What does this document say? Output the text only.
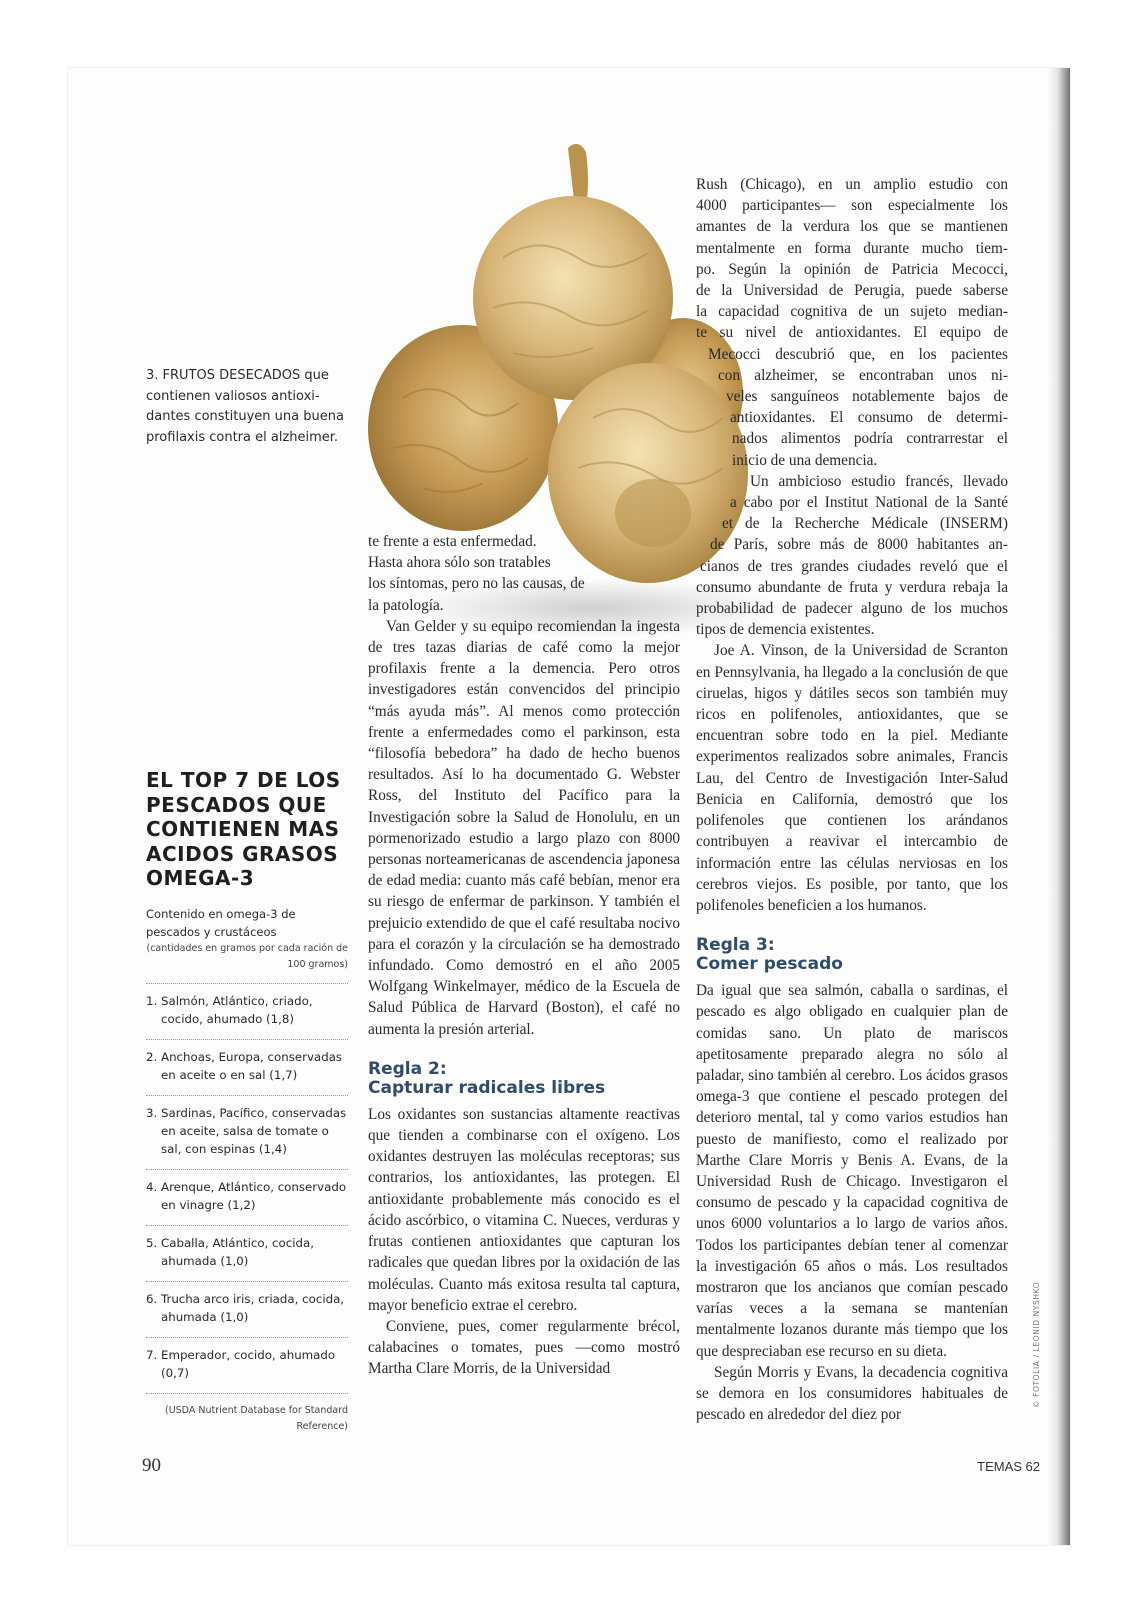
3. FRUTOS DESECADOS que contienen valiosos antioxi- dantes constituyen una buena profilaxis contra el alzheimer.
EL TOP 7 DE LOS PESCADOS QUE CONTIENEN MAS ACIDOS GRASOS OMEGA-3
Contenido en omega-3 de pescados y crustáceos
(cantidades en gramos por cada ración de 100 gramos)
1. Salmón, Atlántico, criado, cocido, ahumado (1,8)
2. Anchoas, Europa, conservadas en aceite o en sal (1,7)
3. Sardinas, Pacífico, conservadas en aceite, salsa de tomate o sal, con espinas (1,4)
4. Arenque, Atlántico, conservado en vinagre (1,2)
5. Caballa, Atlántico, cocida, ahumada (1,0)
6. Trucha arco iris, criada, cocida, ahumada (1,0)
7. Emperador, cocido, ahumado (0,7)
(USDA Nutrient Database for Standard Reference)
te frente a esta enfermedad.
Hasta ahora sólo son tratables
los síntomas, pero no las causas, de
la patología.

Van Gelder y su equipo recomiendan la ingesta de tres tazas diarias de café como la mejor profilaxis frente a la demencia. Pero otros investigadores están convencidos del principio “más ayuda más”. Al menos como protección frente a enfermedades como el parkinson, esta “filosofía bebedora” ha dado de hecho buenos resultados. Así lo ha documentado G. Webster Ross, del Instituto del Pacífico para la Investigación sobre la Salud de Honolulu, en un pormenorizado estudio a largo plazo con 8000 personas norteamericanas de ascendencia japonesa de edad media: cuanto más café bebían, menor era su riesgo de enfermar de parkinson. Y también el prejuicio extendido de que el café resultaba nocivo para el corazón y la circulación se ha demostrado infundado. Como demostró en el año 2005 Wolfgang Winkelmayer, médico de la Escuela de Salud Pública de Harvard (Boston), el café no aumenta la presión arterial.

Regla 2:
Capturar radicales libres

Los oxidantes son sustancias altamente reactivas que tienden a combinarse con el oxígeno. Los oxidantes destruyen las moléculas receptoras; sus contrarios, los antioxidantes, las protegen. El antioxidante probablemente más conocido es el ácido ascórbico, o vitamina C. Nueces, verduras y frutas contienen antioxidantes que capturan los radicales que quedan libres por la oxidación de las moléculas. Cuanto más exitosa resulta tal captura, mayor beneficio extrae el cerebro.

Conviene, pues, comer regularmente brécol, calabacines o tomates, pues —como mostró Martha Clare Morris, de la Universidad

Rush (Chicago), en un amplio estudio con
4000 participantes— son especialmente los
amantes de la verdura los que se mantienen
mentalmente en forma durante mucho tiem-
po. Según la opinión de Patricia Mecocci,
de la Universidad de Perugia, puede saberse
la capacidad cognitiva de un sujeto median-
te su nivel de antioxidantes. El equipo de
Mecocci descubrió que, en los pacientes
con alzheimer, se encontraban unos ni-
veles sanguíneos notablemente bajos de
antioxidantes. El consumo de determi-
nados alimentos podría contrarrestar el
inicio de una demencia.
Un ambicioso estudio francés, llevado
a cabo por el Institut National de la Santé
et de la Recherche Médicale (INSERM)
de París, sobre más de 8000 habitantes an-
cianos de tres grandes ciudades reveló que el

consumo abundante de fruta y verdura rebaja la probabilidad de padecer alguno de los muchos tipos de demencia existentes.

Joe A. Vinson, de la Universidad de Scranton en Pennsylvania, ha llegado a la conclusión de que ciruelas, higos y dátiles secos son también muy ricos en polifenoles, antioxidantes, que se encuentran sobre todo en la piel. Mediante experimentos realizados sobre animales, Francis Lau, del Centro de Investigación Inter-Salud Benicia en California, demostró que los polifenoles que contienen los arándanos contribuyen a reavivar el intercambio de información entre las células nerviosas en los cerebros viejos. Es posible, por tanto, que los polifenoles beneficien a los humanos.

Regla 3:
Comer pescado

Da igual que sea salmón, caballa o sardinas, el pescado es algo obligado en cualquier plan de comidas sano. Un plato de mariscos apetitosamente preparado alegra no sólo al paladar, sino también al cerebro. Los ácidos grasos omega-3 que contiene el pescado protegen del deterioro mental, tal y como varios estudios han puesto de manifiesto, como el realizado por Marthe Clare Morris y Benis A. Evans, de la Universidad Rush de Chicago. Investigaron el consumo de pescado y la capacidad cognitiva de unos 6000 voluntarios a lo largo de varios años. Todos los participantes debían tener al comenzar la investigación 65 años o más. Los resultados mostraron que los ancianos que comían pescado varías veces a la semana se mantenían mentalmente lozanos durante más tiempo que los que despreciaban ese recurso en su dieta.

Según Morris y Evans, la decadencia cognitiva se demora en los consumidores habituales de pescado en alrededor del diez por

© FOTOLIA / LEONID NYSHKO
90	TEMAS 62
